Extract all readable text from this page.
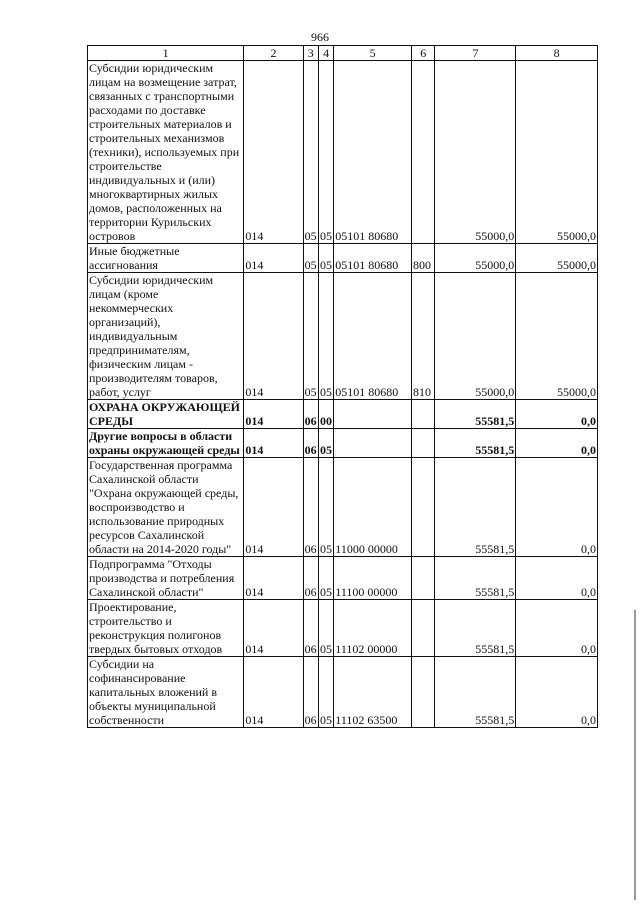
966
1	2	3	4	5	6	7	8
Субсидии юридическим лицам на возмещение затрат, связанных с транспортными расходами по доставке строительных материалов и строительных механизмов (техники), используемых при строительстве индивидуальных и (или) многоквартирных жилых домов, расположенных на территории Курильских островов	014	05	05	05101 80680		55000,0	55000,0
Иные бюджетные ассигнования	014	05	05	05101 80680	800	55000,0	55000,0
Субсидии юридическим лицам (кроме некоммерческих организаций), индивидуальным предпринимателям, физическим лицам - производителям товаров, работ, услуг	014	05	05	05101 80680	810	55000,0	55000,0
ОХРАНА ОКРУЖАЮЩЕЙ СРЕДЫ	014	06	00			55581,5	0,0
Другие вопросы в области охраны окружающей среды	014	06	05			55581,5	0,0
Государственная программа Сахалинской области "Охрана окружающей среды, воспроизводство и использование природных ресурсов Сахалинской области на 2014-2020 годы"	014	06	05	11000 00000		55581,5	0,0
Подпрограмма "Отходы производства и потребления Сахалинской области"	014	06	05	11100 00000		55581,5	0,0
Проектирование, строительство и реконструкция полигонов твердых бытовых отходов	014	06	05	11102 00000		55581,5	0,0
Субсидии на софинансирование капитальных вложений в объекты муниципальной собственности	014	06	05	11102 63500		55581,5	0,0
